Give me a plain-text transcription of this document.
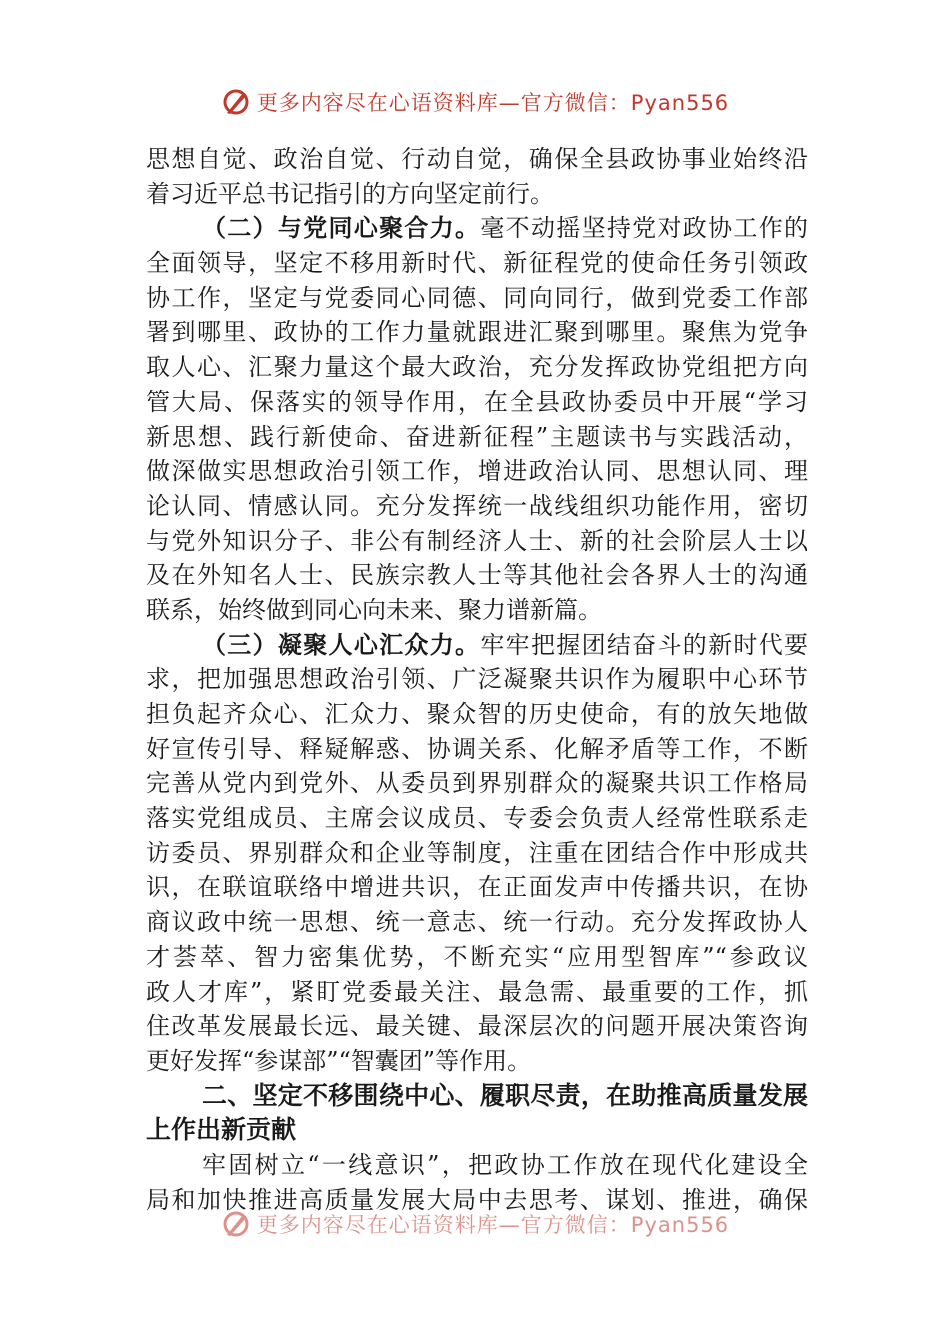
更多内容尽在心语资料库—官方微信：Pyan556
思想自觉、政治自觉、行动自觉，确保全县政协事业始终沿
着习近平总书记指引的方向坚定前行。
（二）与党同心聚合力。毫不动摇坚持党对政协工作的
全面领导，坚定不移用新时代、新征程党的使命任务引领政
协工作，坚定与党委同心同德、同向同行，做到党委工作部
署到哪里、政协的工作力量就跟进汇聚到哪里。聚焦为党争
取人心、汇聚力量这个最大政治，充分发挥政协党组把方向
管大局、保落实的领导作用，在全县政协委员中开展“学习
新思想、践行新使命、奋进新征程”主题读书与实践活动，
做深做实思想政治引领工作，增进政治认同、思想认同、理
论认同、情感认同。充分发挥统一战线组织功能作用，密切
与党外知识分子、非公有制经济人士、新的社会阶层人士以
及在外知名人士、民族宗教人士等其他社会各界人士的沟通
联系，始终做到同心向未来、聚力谱新篇。
（三）凝聚人心汇众力。牢牢把握团结奋斗的新时代要
求，把加强思想政治引领、广泛凝聚共识作为履职中心环节
担负起齐众心、汇众力、聚众智的历史使命，有的放矢地做
好宣传引导、释疑解惑、协调关系、化解矛盾等工作，不断
完善从党内到党外、从委员到界别群众的凝聚共识工作格局
落实党组成员、主席会议成员、专委会负责人经常性联系走
访委员、界别群众和企业等制度，注重在团结合作中形成共
识，在联谊联络中增进共识，在正面发声中传播共识，在协
商议政中统一思想、统一意志、统一行动。充分发挥政协人
才荟萃、智力密集优势，不断充实“应用型智库”“参政议
政人才库”，紧盯党委最关注、最急需、最重要的工作，抓
住改革发展最长远、最关键、最深层次的问题开展决策咨询
更好发挥“参谋部”“智囊团”等作用。
二、坚定不移围绕中心、履职尽责，在助推高质量发展
上作出新贡献
牢固树立“一线意识”，把政协工作放在现代化建设全
局和加快推进高质量发展大局中去思考、谋划、推进，确保
更多内容尽在心语资料库—官方微信：Pyan556
